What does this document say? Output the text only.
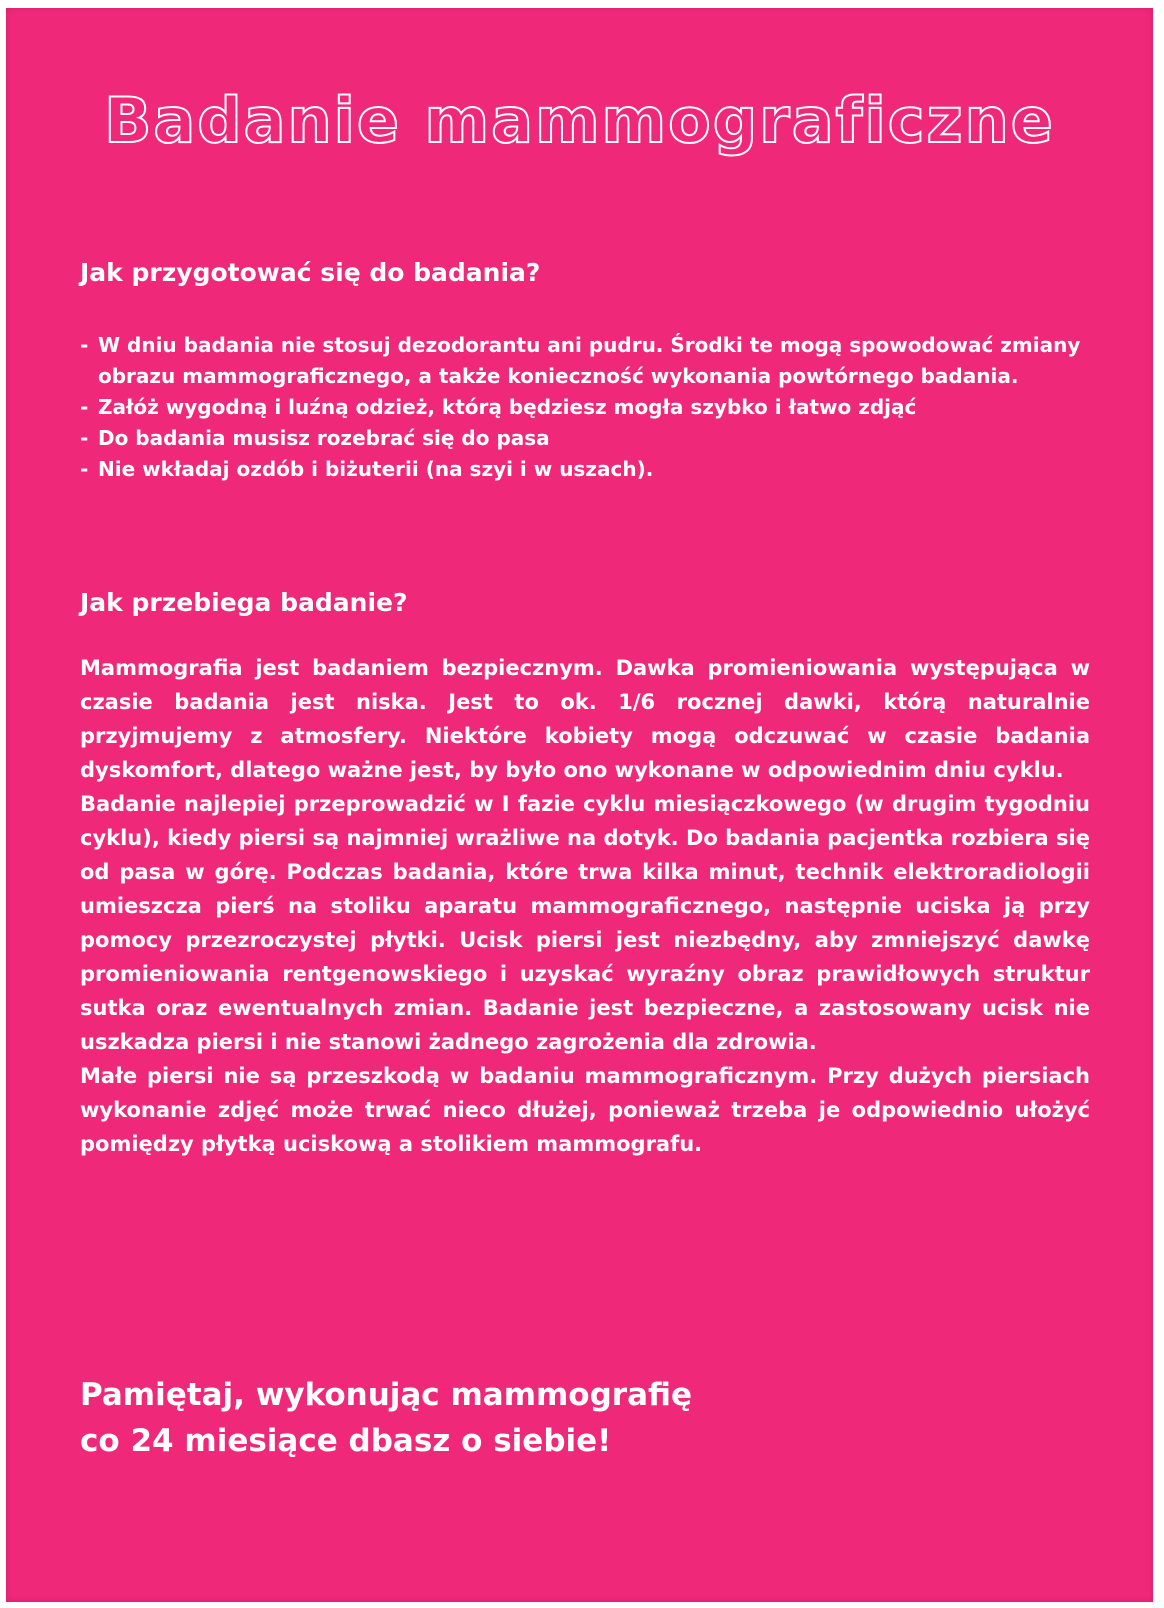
Badanie mammograficzne
Jak przygotować się do badania?
- W dniu badania nie stosuj dezodorantu ani pudru. Środki te mogą spowodować zmiany obrazu mammograficznego, a także konieczność wykonania powtórnego badania.
- Załóż wygodną i luźną odzież, którą będziesz mogła szybko i łatwo zdjąć
- Do badania musisz rozebrać się do pasa
- Nie wkładaj ozdób i biżuterii (na szyi i w uszach).
Jak przebiega badanie?

Mammografia jest badaniem bezpiecznym. Dawka promieniowania występująca w czasie badania jest niska. Jest to ok. 1/6 rocznej dawki, którą naturalnie przyjmujemy z atmosfery. Niektóre kobiety mogą odczuwać w czasie badania dyskomfort, dlatego ważne jest, by było ono wykonane w odpowiednim dniu cyklu.

Badanie najlepiej przeprowadzić w I fazie cyklu miesiączkowego (w drugim tygodniu cyklu), kiedy piersi są najmniej wrażliwe na dotyk. Do badania pacjentka rozbiera się od pasa w górę. Podczas badania, które trwa kilka minut, technik elektroradiologii umieszcza pierś na stoliku aparatu mammograficznego, następnie uciska ją przy pomocy przezroczystej płytki. Ucisk piersi jest niezbędny, aby zmniejszyć dawkę promieniowania rentgenowskiego i uzyskać wyraźny obraz prawidłowych struktur sutka oraz ewentualnych zmian. Badanie jest bezpieczne, a zastosowany ucisk nie uszkadza piersi i nie stanowi żadnego zagrożenia dla zdrowia.

Małe piersi nie są przeszkodą w badaniu mammograficznym. Przy dużych piersiach wykonanie zdjęć może trwać nieco dłużej, ponieważ trzeba je odpowiednio ułożyć pomiędzy płytką uciskową a stolikiem mammografu.

Pamiętaj, wykonując mammografię
co 24 miesiące dbasz o siebie!
